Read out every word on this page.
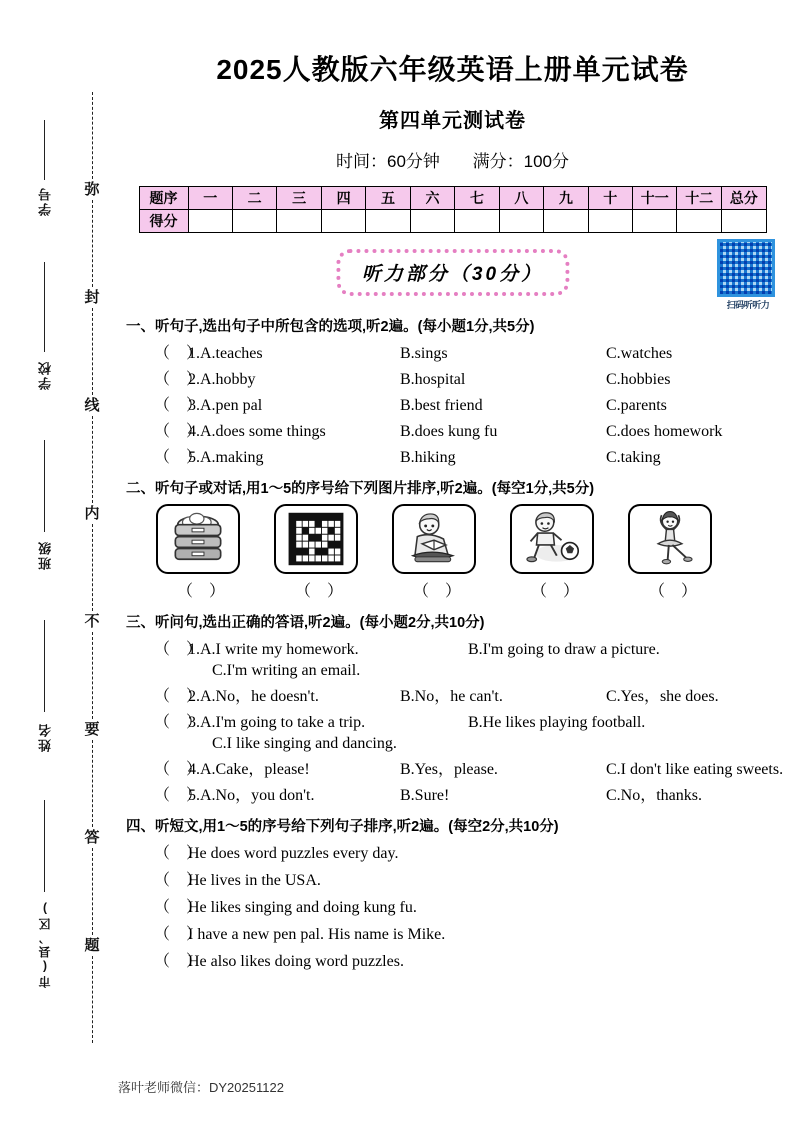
学号
学校
班级
姓名
市(县、区)
弥
封
线
内
不
要
答
题
2025人教版六年级英语上册单元试卷
第四单元测试卷
时间：60分钟 满分：100分
题序	一	二	三	四	五	六	七	八	九	十	十一	十二	总分
得分													
听力部分（30分）
扫码听听力
一、听句子,选出句子中所包含的选项,听2遍。(每小题1分,共5分)
（　）
1.A.teaches	B.sings	C.watches
（　）
2.A.hobby	B.hospital	C.hobbies
（　）
3.A.pen pal	B.best friend	C.parents
（　）
4.A.does some things	B.does kung fu	C.does homework
（　）
5.A.making	B.hiking	C.taking
二、听句子或对话,用1～5的序号给下列图片排序,听2遍。(每空1分,共5分)
（　）	（　）	（　）	（　）	（　）
三、听问句,选出正确的答语,听2遍。(每小题2分,共10分)
（　）
1.A.I write my homework.	B.I'm going to draw a picture.
C.I'm writing an email.
（　）
2.A.No，he doesn't.	B.No，he can't.	C.Yes，she does.
（　）
3.A.I'm going to take a trip.	B.He likes playing football.
C.I like singing and dancing.
（　）
4.A.Cake，please!	B.Yes，please.	C.I don't like eating sweets.
（　）
5.A.No，you don't.	B.Sure!	C.No，thanks.
四、听短文,用1～5的序号给下列句子排序,听2遍。(每空2分,共10分)
（　）
He does word puzzles every day.
（　）
He lives in the USA.
（　）
He likes singing and doing kung fu.
（　）
I have a new pen pal. His name is Mike.
（　）
He also likes doing word puzzles.
落叶老师微信：DY20251122
